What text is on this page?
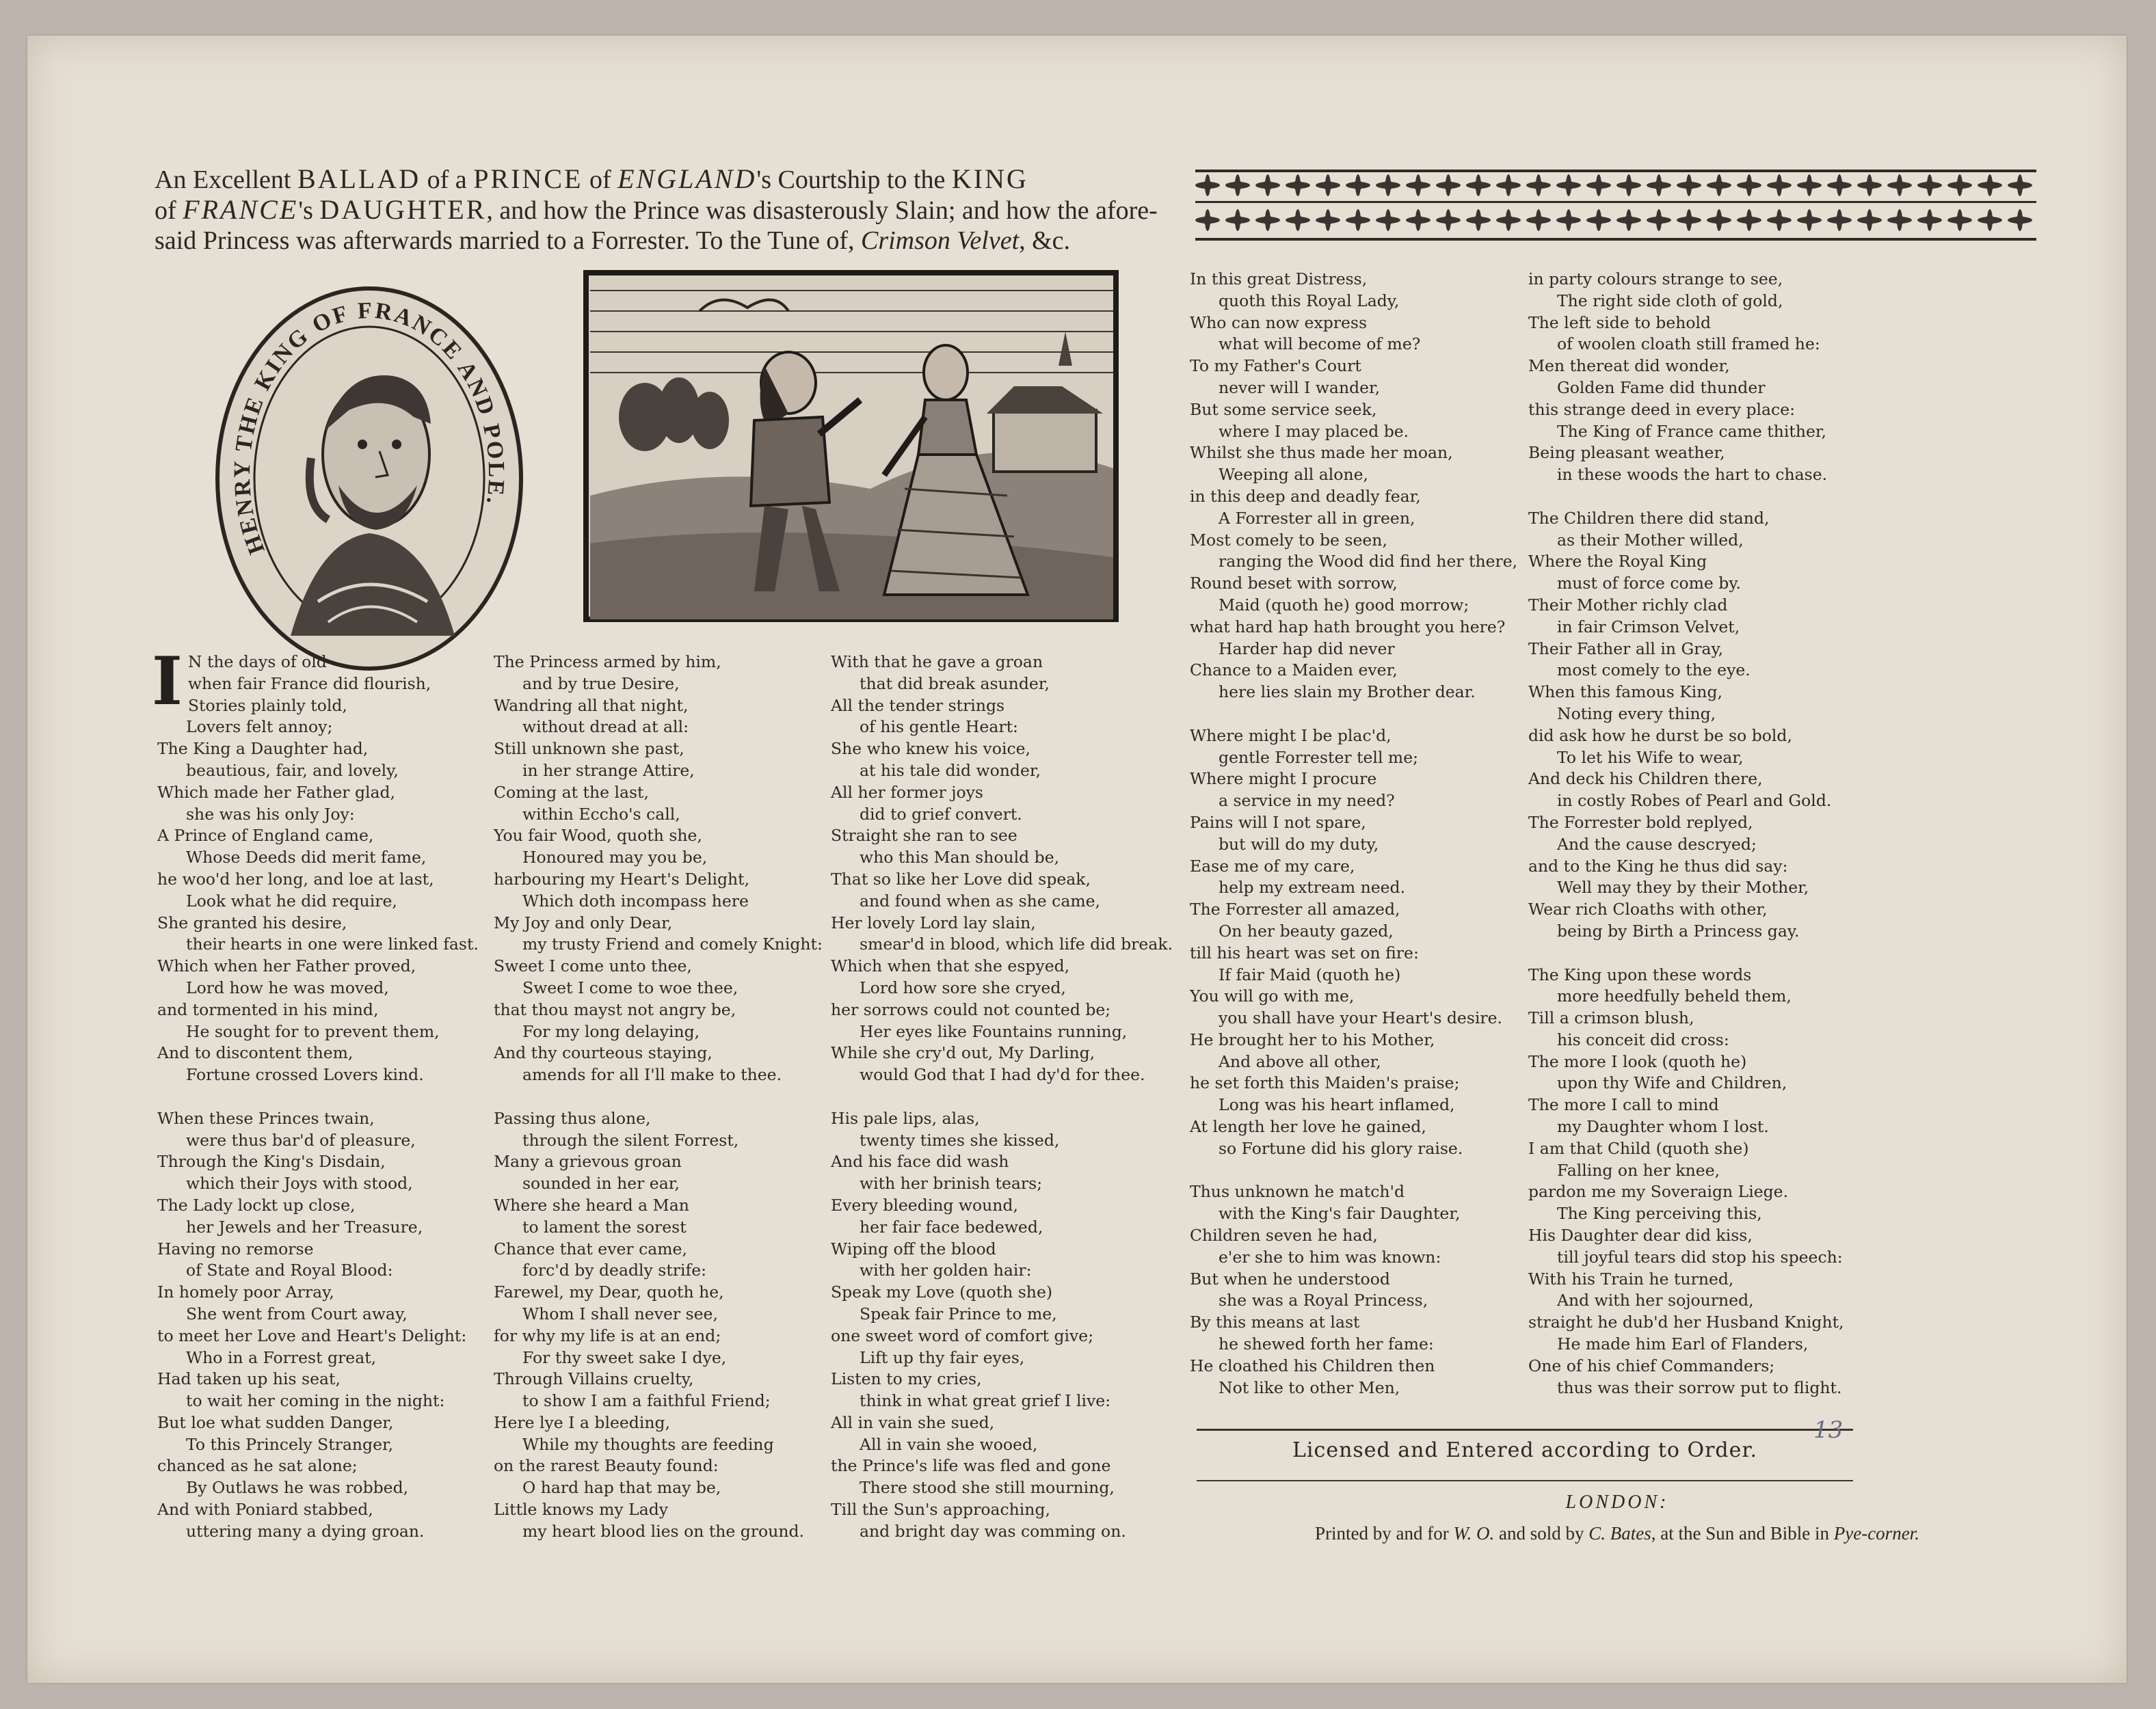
An Excellent BALLAD of a PRINCE of ENGLAND's Courtship to the KING
of FRANCE's DAUGHTER, and how the Prince was disasterously Slain; and how the afore-
said Princess was afterwards married to a Forrester. To the Tune of, Crimson Velvet, &c.
HENRY THE KING OF FRANCE AND POLE.
I N the days of old
when fair France did flourish,
Stories plainly told,
Lovers felt annoy;
The King a Daughter had,
beautious, fair, and lovely,
Which made her Father glad,
she was his only Joy:
A Prince of England came,
Whose Deeds did merit fame,
he woo'd her long, and loe at last,
Look what he did require,
She granted his desire,
their hearts in one were linked fast.
Which when her Father proved,
Lord how he was moved,
and tormented in his mind,
He sought for to prevent them,
And to discontent them,
Fortune crossed Lovers kind.
When these Princes twain,
were thus bar'd of pleasure,
Through the King's Disdain,
which their Joys with stood,
The Lady lockt up close,
her Jewels and her Treasure,
Having no remorse
of State and Royal Blood:
In homely poor Array,
She went from Court away,
to meet her Love and Heart's Delight:
Who in a Forrest great,
Had taken up his seat,
to wait her coming in the night:
But loe what sudden Danger,
To this Princely Stranger,
chanced as he sat alone;
By Outlaws he was robbed,
And with Poniard stabbed,
uttering many a dying groan.
The Princess armed by him,
and by true Desire,
Wandring all that night,
without dread at all:
Still unknown she past,
in her strange Attire,
Coming at the last,
within Eccho's call,
You fair Wood, quoth she,
Honoured may you be,
harbouring my Heart's Delight,
Which doth incompass here
My Joy and only Dear,
my trusty Friend and comely Knight:
Sweet I come unto thee,
Sweet I come to woe thee,
that thou mayst not angry be,
For my long delaying,
And thy courteous staying,
amends for all I'll make to thee.
Passing thus alone,
through the silent Forrest,
Many a grievous groan
sounded in her ear,
Where she heard a Man
to lament the sorest
Chance that ever came,
forc'd by deadly strife:
Farewel, my Dear, quoth he,
Whom I shall never see,
for why my life is at an end;
For thy sweet sake I dye,
Through Villains cruelty,
to show I am a faithful Friend;
Here lye I a bleeding,
While my thoughts are feeding
on the rarest Beauty found:
O hard hap that may be,
Little knows my Lady
my heart blood lies on the ground.
With that he gave a groan
that did break asunder,
All the tender strings
of his gentle Heart:
She who knew his voice,
at his tale did wonder,
All her former joys
did to grief convert.
Straight she ran to see
who this Man should be,
That so like her Love did speak,
and found when as she came,
Her lovely Lord lay slain,
smear'd in blood, which life did break.
Which when that she espyed,
Lord how sore she cryed,
her sorrows could not counted be;
Her eyes like Fountains running,
While she cry'd out, My Darling,
would God that I had dy'd for thee.
His pale lips, alas,
twenty times she kissed,
And his face did wash
with her brinish tears;
Every bleeding wound,
her fair face bedewed,
Wiping off the blood
with her golden hair:
Speak my Love (quoth she)
Speak fair Prince to me,
one sweet word of comfort give;
Lift up thy fair eyes,
Listen to my cries,
think in what great grief I live:
All in vain she sued,
All in vain she wooed,
the Prince's life was fled and gone
There stood she still mourning,
Till the Sun's approaching,
and bright day was comming on.
In this great Distress,
quoth this Royal Lady,
Who can now express
what will become of me?
To my Father's Court
never will I wander,
But some service seek,
where I may placed be.
Whilst she thus made her moan,
Weeping all alone,
in this deep and deadly fear,
A Forrester all in green,
Most comely to be seen,
ranging the Wood did find her there,
Round beset with sorrow,
Maid (quoth he) good morrow;
what hard hap hath brought you here?
Harder hap did never
Chance to a Maiden ever,
here lies slain my Brother dear.
Where might I be plac'd,
gentle Forrester tell me;
Where might I procure
a service in my need?
Pains will I not spare,
but will do my duty,
Ease me of my care,
help my extream need.
The Forrester all amazed,
On her beauty gazed,
till his heart was set on fire:
If fair Maid (quoth he)
You will go with me,
you shall have your Heart's desire.
He brought her to his Mother,
And above all other,
he set forth this Maiden's praise;
Long was his heart inflamed,
At length her love he gained,
so Fortune did his glory raise.
Thus unknown he match'd
with the King's fair Daughter,
Children seven he had,
e'er she to him was known:
But when he understood
she was a Royal Princess,
By this means at last
he shewed forth her fame:
He cloathed his Children then
Not like to other Men,
in party colours strange to see,
The right side cloth of gold,
The left side to behold
of woolen cloath still framed he:
Men thereat did wonder,
Golden Fame did thunder
this strange deed in every place:
The King of France came thither,
Being pleasant weather,
in these woods the hart to chase.
The Children there did stand,
as their Mother willed,
Where the Royal King
must of force come by.
Their Mother richly clad
in fair Crimson Velvet,
Their Father all in Gray,
most comely to the eye.
When this famous King,
Noting every thing,
did ask how he durst be so bold,
To let his Wife to wear,
And deck his Children there,
in costly Robes of Pearl and Gold.
The Forrester bold replyed,
And the cause descryed;
and to the King he thus did say:
Well may they by their Mother,
Wear rich Cloaths with other,
being by Birth a Princess gay.
The King upon these words
more heedfully beheld them,
Till a crimson blush,
his conceit did cross:
The more I look (quoth he)
upon thy Wife and Children,
The more I call to mind
my Daughter whom I lost.
I am that Child (quoth she)
Falling on her knee,
pardon me my Soveraign Liege.
The King perceiving this,
His Daughter dear did kiss,
till joyful tears did stop his speech:
With his Train he turned,
And with her sojourned,
straight he dub'd her Husband Knight,
He made him Earl of Flanders,
One of his chief Commanders;
thus was their sorrow put to flight.
13
Licensed and Entered according to Order.
LONDON:
Printed by and for W. O. and sold by C. Bates, at the Sun and Bible in Pye-corner.
